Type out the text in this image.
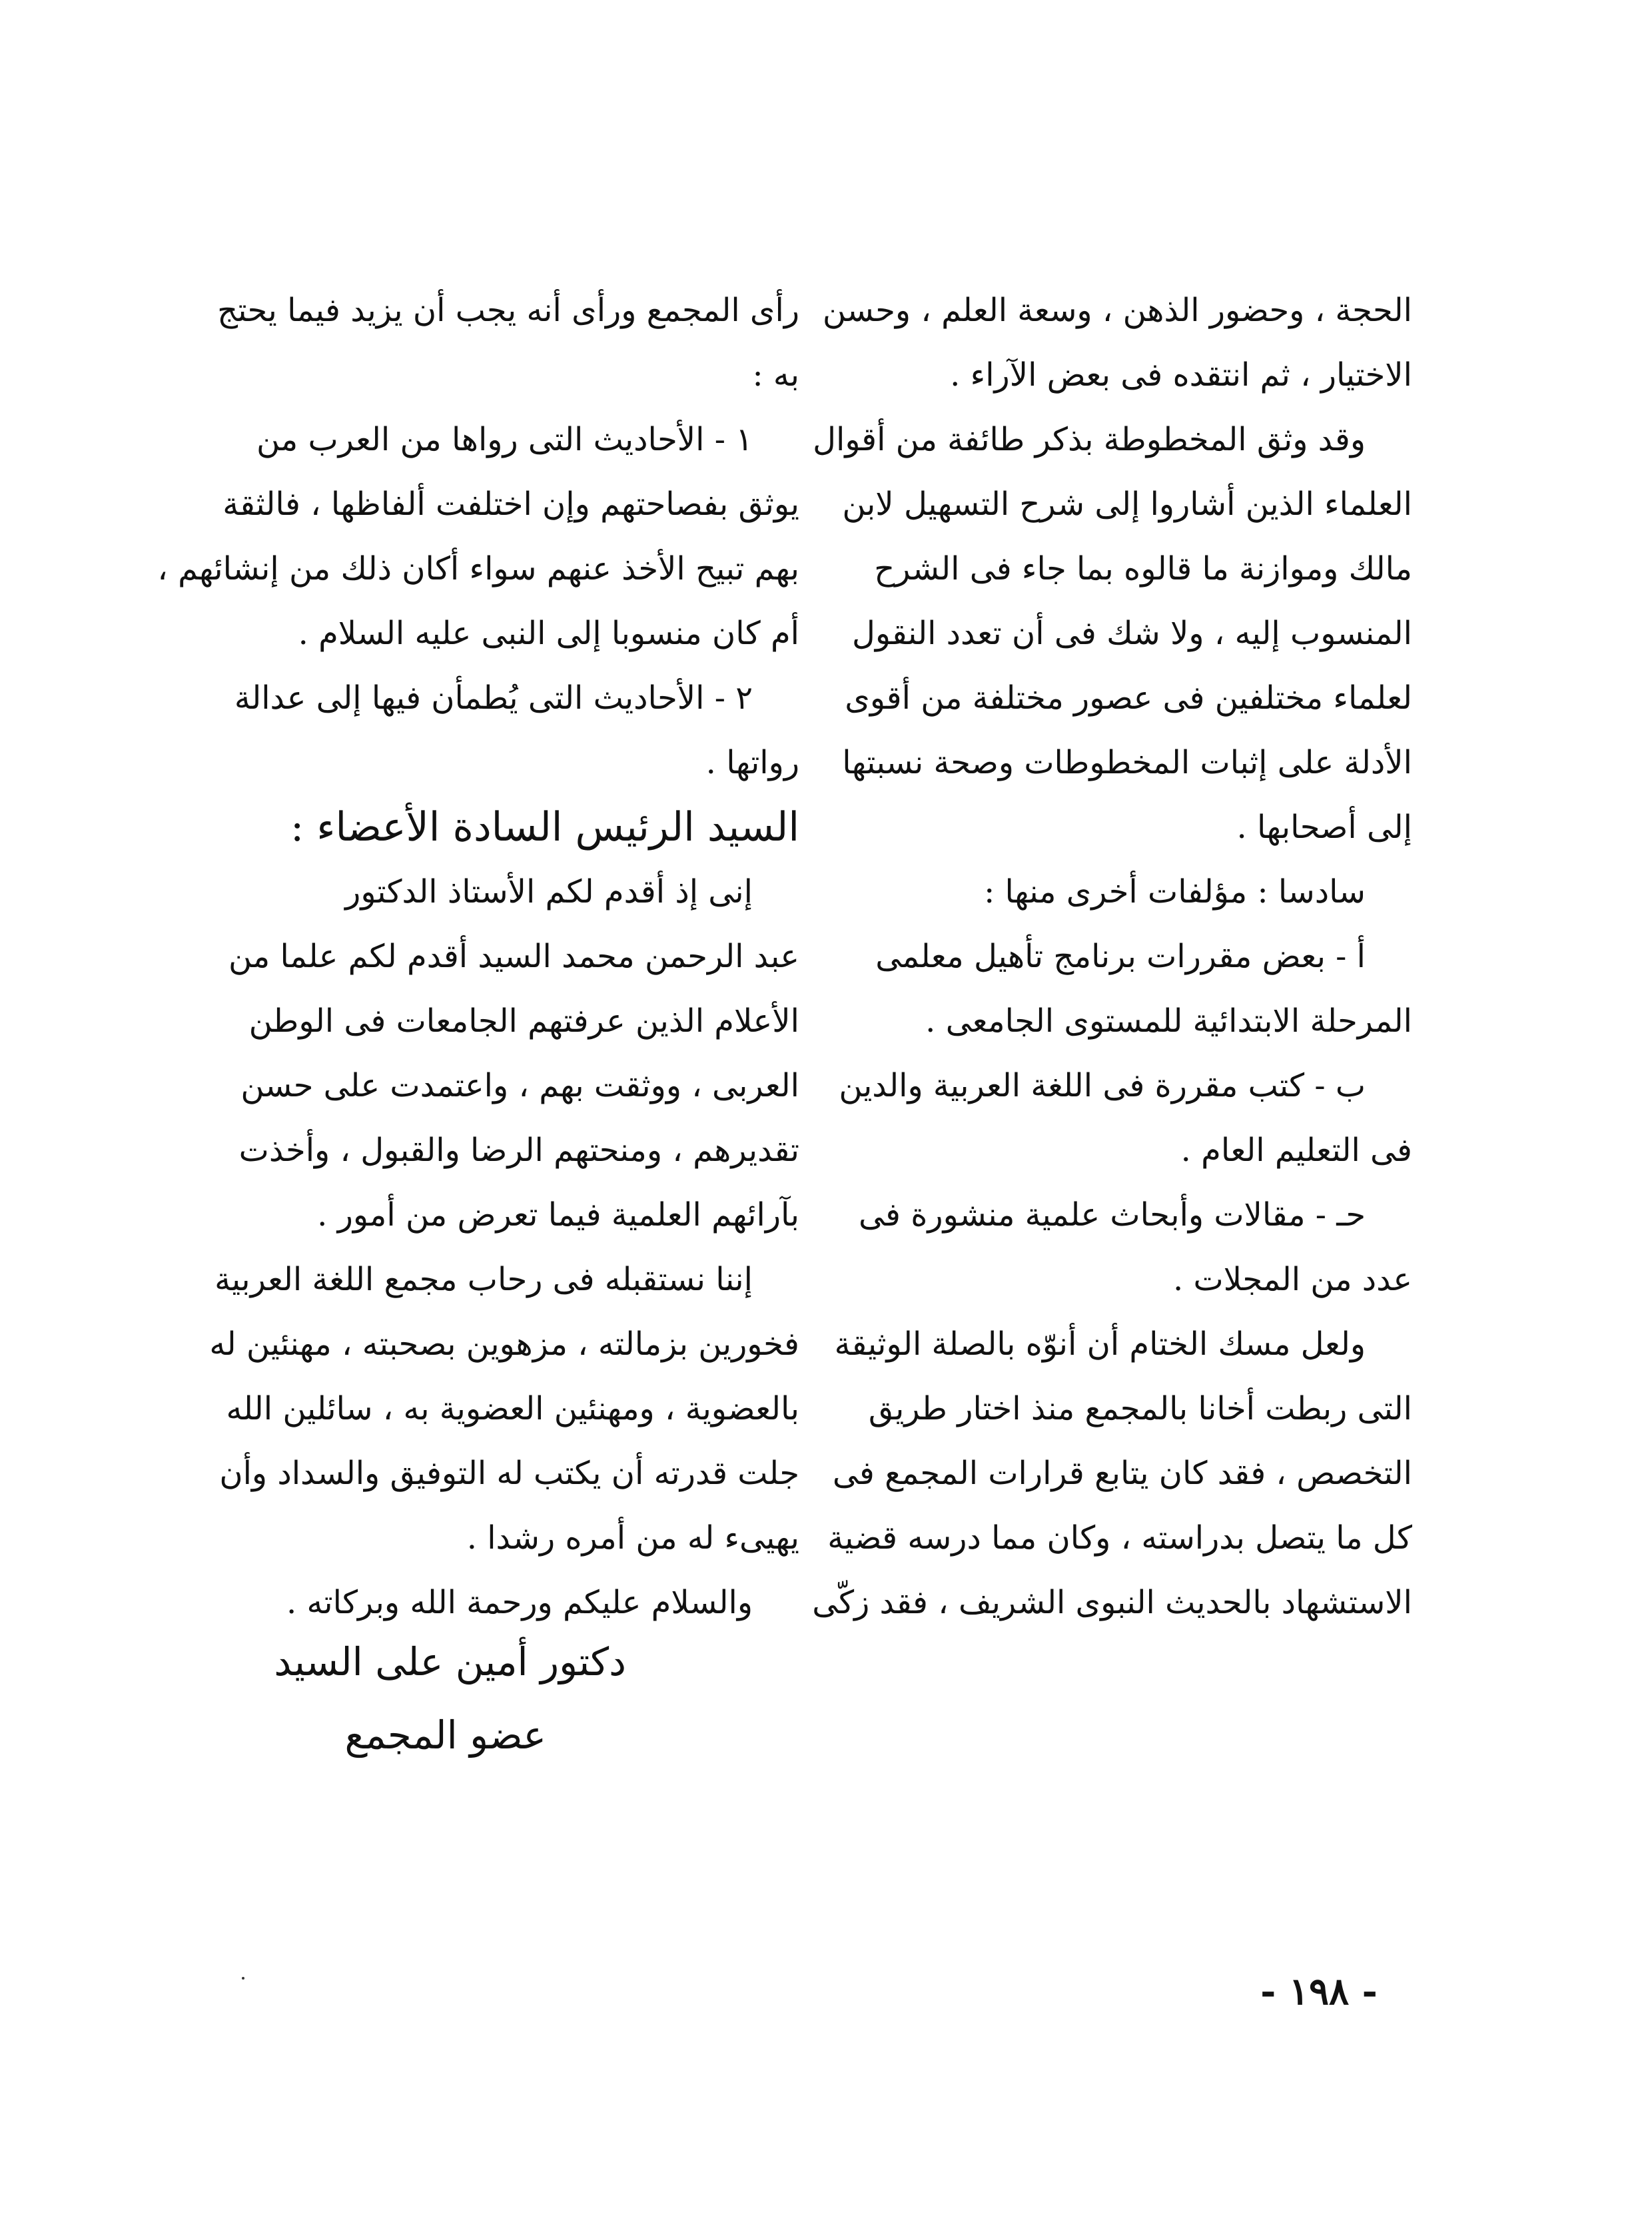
الحجة ، وحضور الذهن ، وسعة العلم ، وحسن
الاختيار ، ثم انتقده فى بعض الآراء .
وقد وثق المخطوطة بذكر طائفة من أقوال
العلماء الذين أشاروا إلى شرح التسهيل لابن
مالك وموازنة ما قالوه بما جاء فى الشرح
المنسوب إليه ، ولا شك فى أن تعدد النقول
لعلماء مختلفين فى عصور مختلفة من أقوى
الأدلة على إثبات المخطوطات وصحة نسبتها
إلى أصحابها .
سادسا : مؤلفات أخرى منها :
أ - بعض مقررات برنامج تأهيل معلمى
المرحلة الابتدائية للمستوى الجامعى .
ب - كتب مقررة فى اللغة العربية والدين
فى التعليم العام .
حـ - مقالات وأبحاث علمية منشورة فى
عدد من المجلات .
ولعل مسك الختام أن أنوّه بالصلة الوثيقة
التى ربطت أخانا بالمجمع منذ اختار طريق
التخصص ، فقد كان يتابع قرارات المجمع فى
كل ما يتصل بدراسته ، وكان مما درسه قضية
الاستشهاد بالحديث النبوى الشريف ، فقد زكّى
رأى المجمع ورأى أنه يجب أن يزيد فيما يحتج
به :
١ - الأحاديث التى رواها من العرب من
يوثق بفصاحتهم وإن اختلفت ألفاظها ، فالثقة
بهم تبيح الأخذ عنهم سواء أكان ذلك من إنشائهم ،
أم كان منسوبا إلى النبى عليه السلام .
٢ - الأحاديث التى يُطمأن فيها إلى عدالة
رواتها .
السيد الرئيس السادة الأعضاء :
إنى إذ أقدم لكم الأستاذ الدكتور
عبد الرحمن محمد السيد أقدم لكم علما من
الأعلام الذين عرفتهم الجامعات فى الوطن
العربى ، ووثقت بهم ، واعتمدت على حسن
تقديرهم ، ومنحتهم الرضا والقبول ، وأخذت
بآرائهم العلمية فيما تعرض من أمور .
إننا نستقبله فى رحاب مجمع اللغة العربية
فخورين بزمالته ، مزهوين بصحبته ، مهنئين له
بالعضوية ، ومهنئين العضوية به ، سائلين الله
جلت قدرته أن يكتب له التوفيق والسداد وأن
يهيىء له من أمره رشدا .
والسلام عليكم ورحمة الله وبركاته .
دكتور أمين على السيد
عضو المجمع
- ١٩٨ -
